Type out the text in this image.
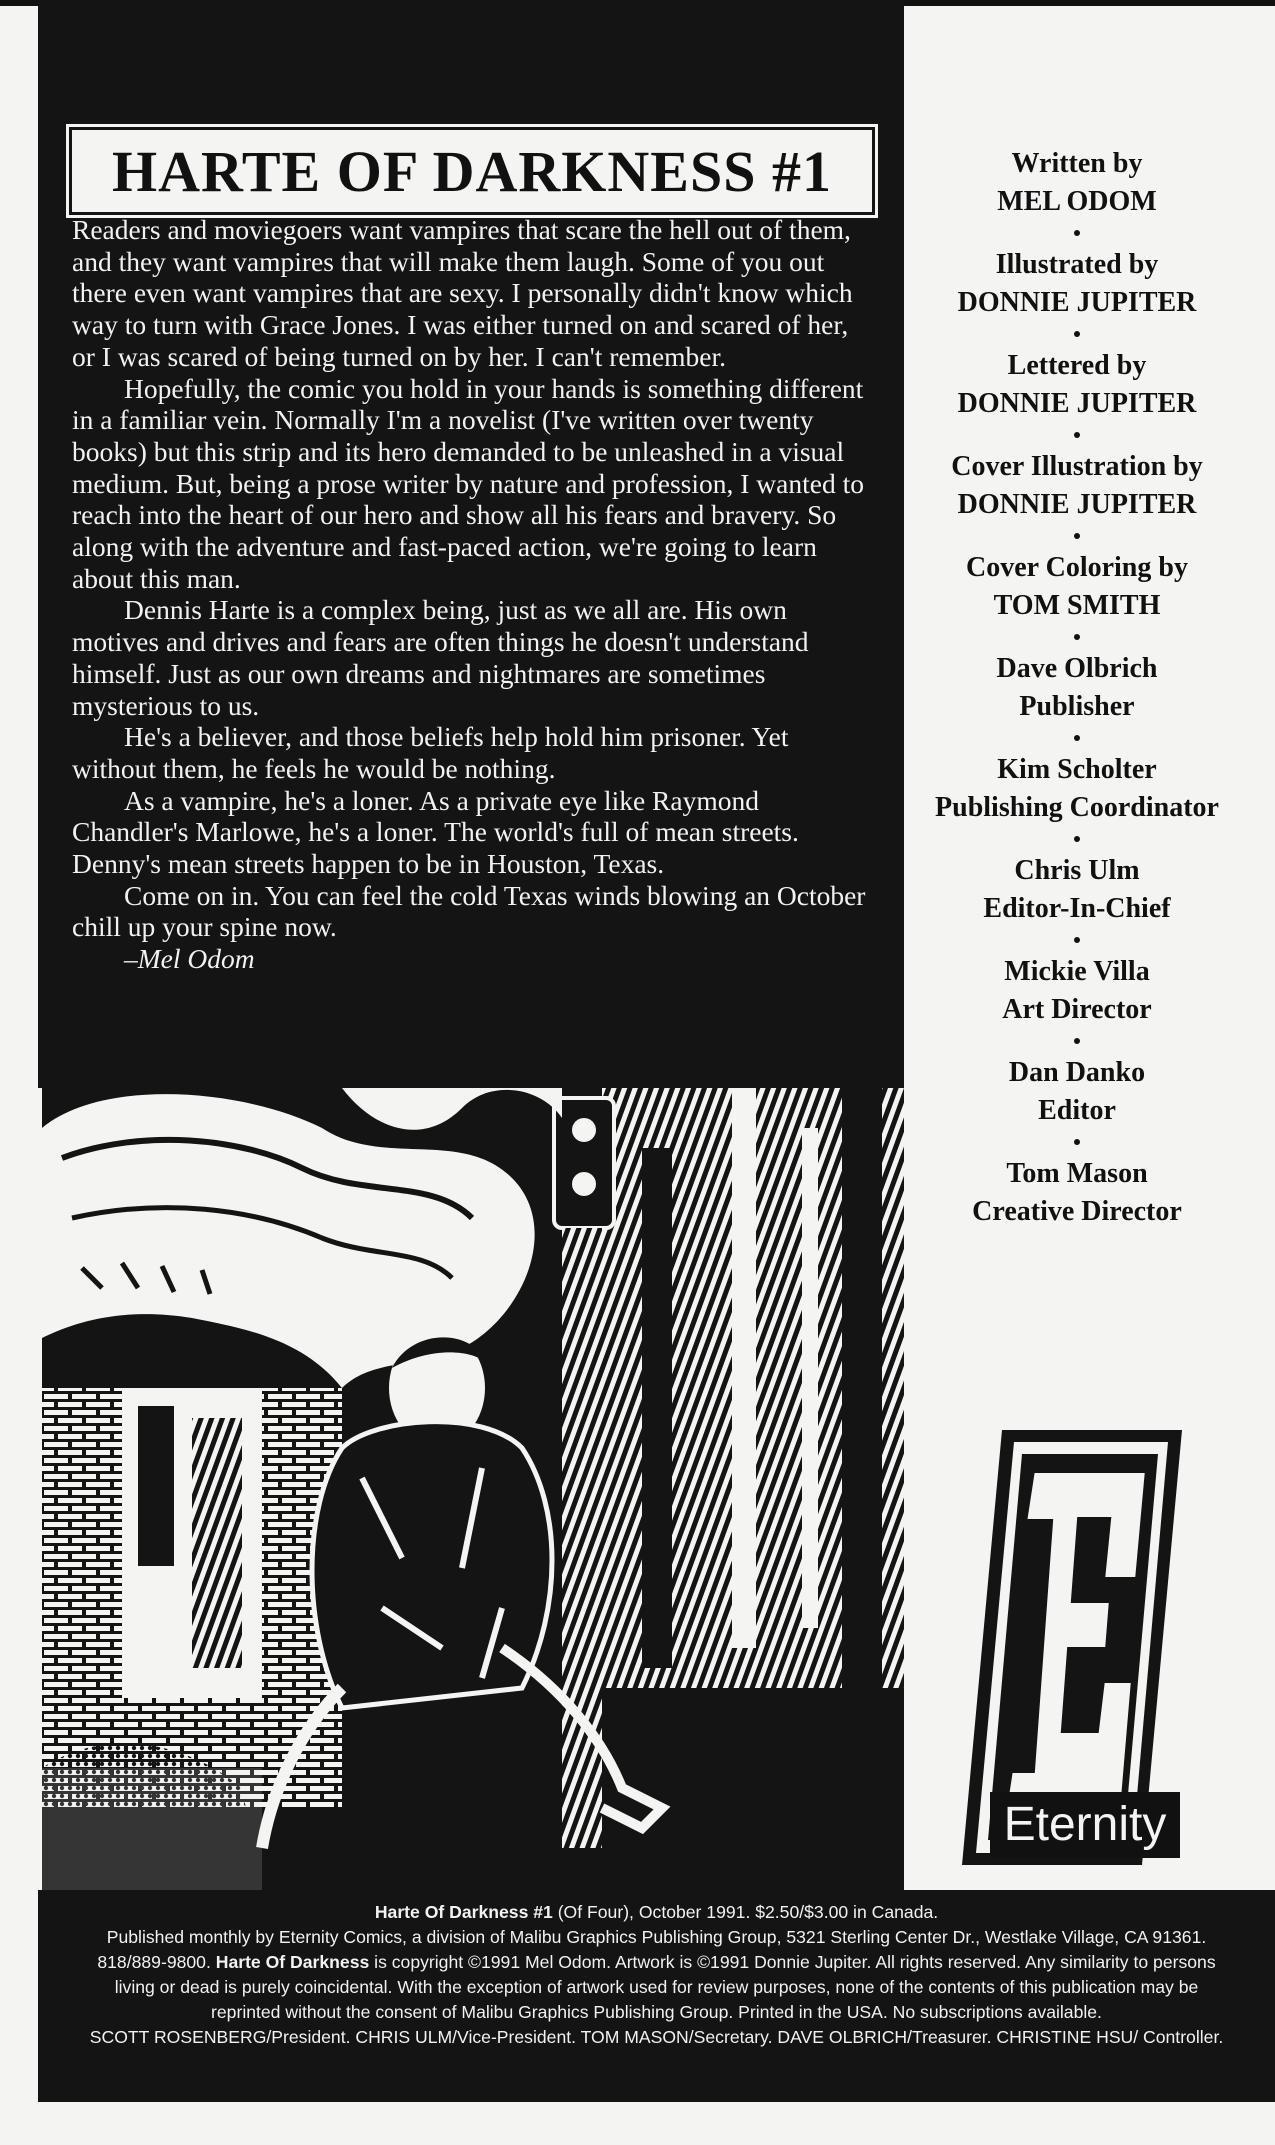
HARTE OF DARKNESS #1

Readers and moviegoers want vampires that scare the hell out of them, and they want vampires that will make them laugh. Some of you out there even want vampires that are sexy. I personally didn't know which way to turn with Grace Jones. I was either turned on and scared of her, or I was scared of being turned on by her. I can't remember.

Hopefully, the comic you hold in your hands is something different in a familiar vein. Normally I'm a novelist (I've written over twenty books) but this strip and its hero demanded to be unleashed in a visual medium. But, being a prose writer by nature and profession, I wanted to reach into the heart of our hero and show all his fears and bravery. So along with the adventure and fast-paced action, we're going to learn about this man.

Dennis Harte is a complex being, just as we all are. His own motives and drives and fears are often things he doesn't understand himself. Just as our own dreams and nightmares are sometimes mysterious to us.

He's a believer, and those beliefs help hold him prisoner. Yet without them, he feels he would be nothing.

As a vampire, he's a loner. As a private eye like Raymond Chandler's Marlowe, he's a loner. The world's full of mean streets. Denny's mean streets happen to be in Houston, Texas.

Come on in. You can feel the cold Texas winds blowing an October chill up your spine now.

–Mel Odom

Written by
MEL ODOM
Illustrated by
DONNIE JUPITER
Lettered by
DONNIE JUPITER
Cover Illustration by
DONNIE JUPITER
Cover Coloring by
TOM SMITH
Dave Olbrich
Publisher
Kim Scholter
Publishing Coordinator
Chris Ulm
Editor-In-Chief
Mickie Villa
Art Director
Dan Danko
Editor
Tom Mason
Creative Director
Eternity
Harte Of Darkness #1 (Of Four), October 1991. $2.50/$3.00 in Canada.
Published monthly by Eternity Comics, a division of Malibu Graphics Publishing Group, 5321 Sterling Center Dr., Westlake Village, CA 91361. 818/889-9800. Harte Of Darkness is copyright ©1991 Mel Odom. Artwork is ©1991 Donnie Jupiter. All rights reserved. Any similarity to persons living or dead is purely coincidental. With the exception of artwork used for review purposes, none of the contents of this publication may be reprinted without the consent of Malibu Graphics Publishing Group. Printed in the USA. No subscriptions available.
SCOTT ROSENBERG/President. CHRIS ULM/Vice-President. TOM MASON/Secretary. DAVE OLBRICH/Treasurer. CHRISTINE HSU/ Controller.
